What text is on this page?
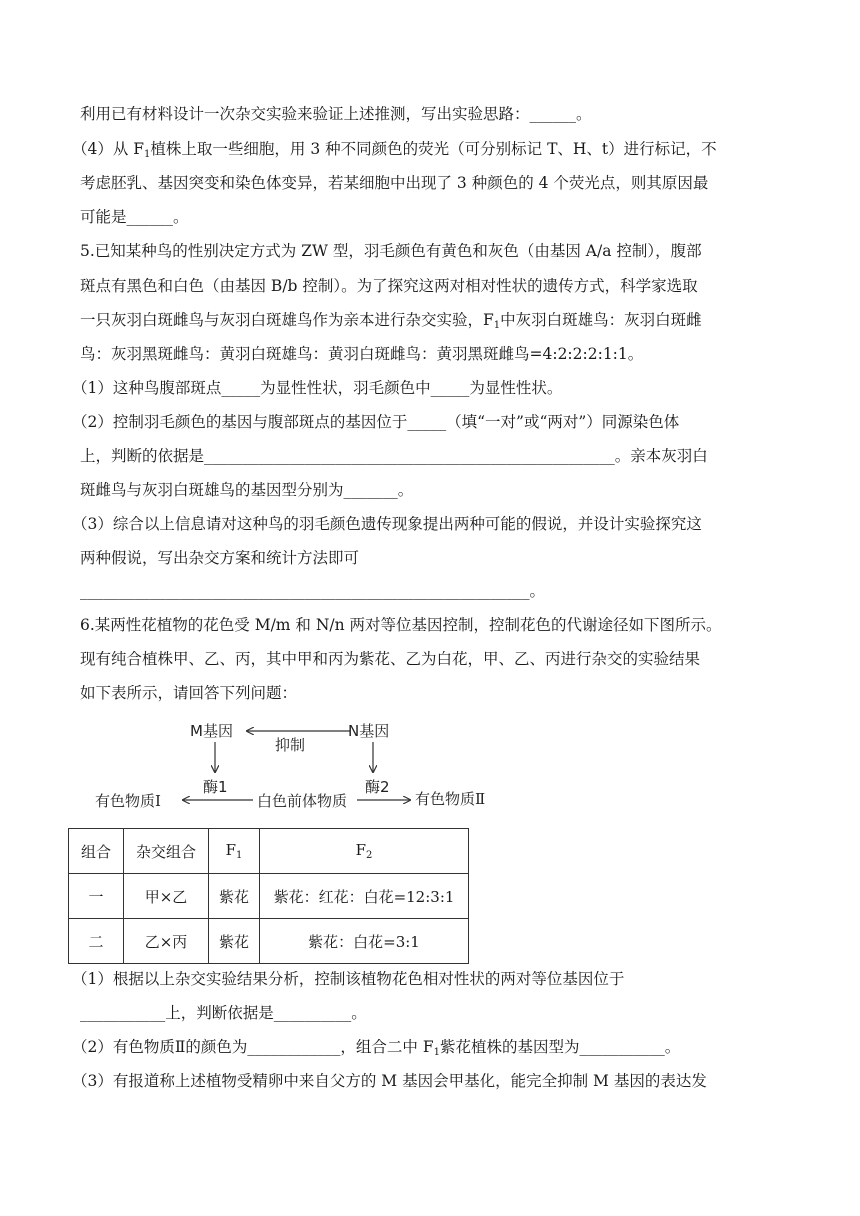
利用已有材料设计一次杂交实验来验证上述推测，写出实验思路：______。
（4）从 $F_1$植株上取一些细胞，用 3 种不同颜色的荧光（可分别标记 T、H、t）进行标记，不
考虑胚乳、基因突变和染色体变异，若某细胞中出现了 3 种颜色的 4 个荧光点，则其原因最
可能是______。
5.已知某种鸟的性别决定方式为 ZW 型，羽毛颜色有黄色和灰色（由基因 A/a 控制），腹部
斑点有黑色和白色（由基因 B/b 控制）。为了探究这两对相对性状的遗传方式，科学家选取
一只灰羽白斑雌鸟与灰羽白斑雄鸟作为亲本进行杂交实验，$F_1$中灰羽白斑雄鸟：灰羽白斑雌
鸟：灰羽黑斑雌鸟：黄羽白斑雄鸟：黄羽白斑雌鸟：黄羽黑斑雌鸟=4:2:2:2:1:1。
（1）这种鸟腹部斑点_____为显性性状，羽毛颜色中_____为显性性状。
（2）控制羽毛颜色的基因与腹部斑点的基因位于_____（填“一对”或“两对”）同源染色体
上，判断的依据是_____________________________________________________。亲本灰羽白
斑雌鸟与灰羽白斑雄鸟的基因型分别为_______。
（3）综合以上信息请对这种鸟的羽毛颜色遗传现象提出两种可能的假说，并设计实验探究这
两种假说，写出杂交方案和统计方法即可
__________________________________________________________。
6.某两性花植物的花色受 M/m 和 N/n 两对等位基因控制，控制花色的代谢途径如下图所示。
现有纯合植株甲、乙、丙，其中甲和丙为紫花、乙为白花，甲、乙、丙进行杂交的实验结果
如下表所示，请回答下列问题：
M基因	N基因
抑制
酶1	酶2
有色物质Ⅰ	白色前体物质	有色物质Ⅱ
组合	杂交组合	$F_1$	$F_2$
一	甲×乙	紫花	紫花：红花：白花=12:3:1
二	乙×丙	紫花	紫花：白花=3:1
（1）根据以上杂交实验结果分析，控制该植物花色相对性状的两对等位基因位于
___________上，判断依据是__________。
（2）有色物质Ⅱ的颜色为____________，组合二中 $F_1$紫花植株的基因型为___________。
（3）有报道称上述植物受精卵中来自父方的 M 基因会甲基化，能完全抑制 M 基因的表达发
